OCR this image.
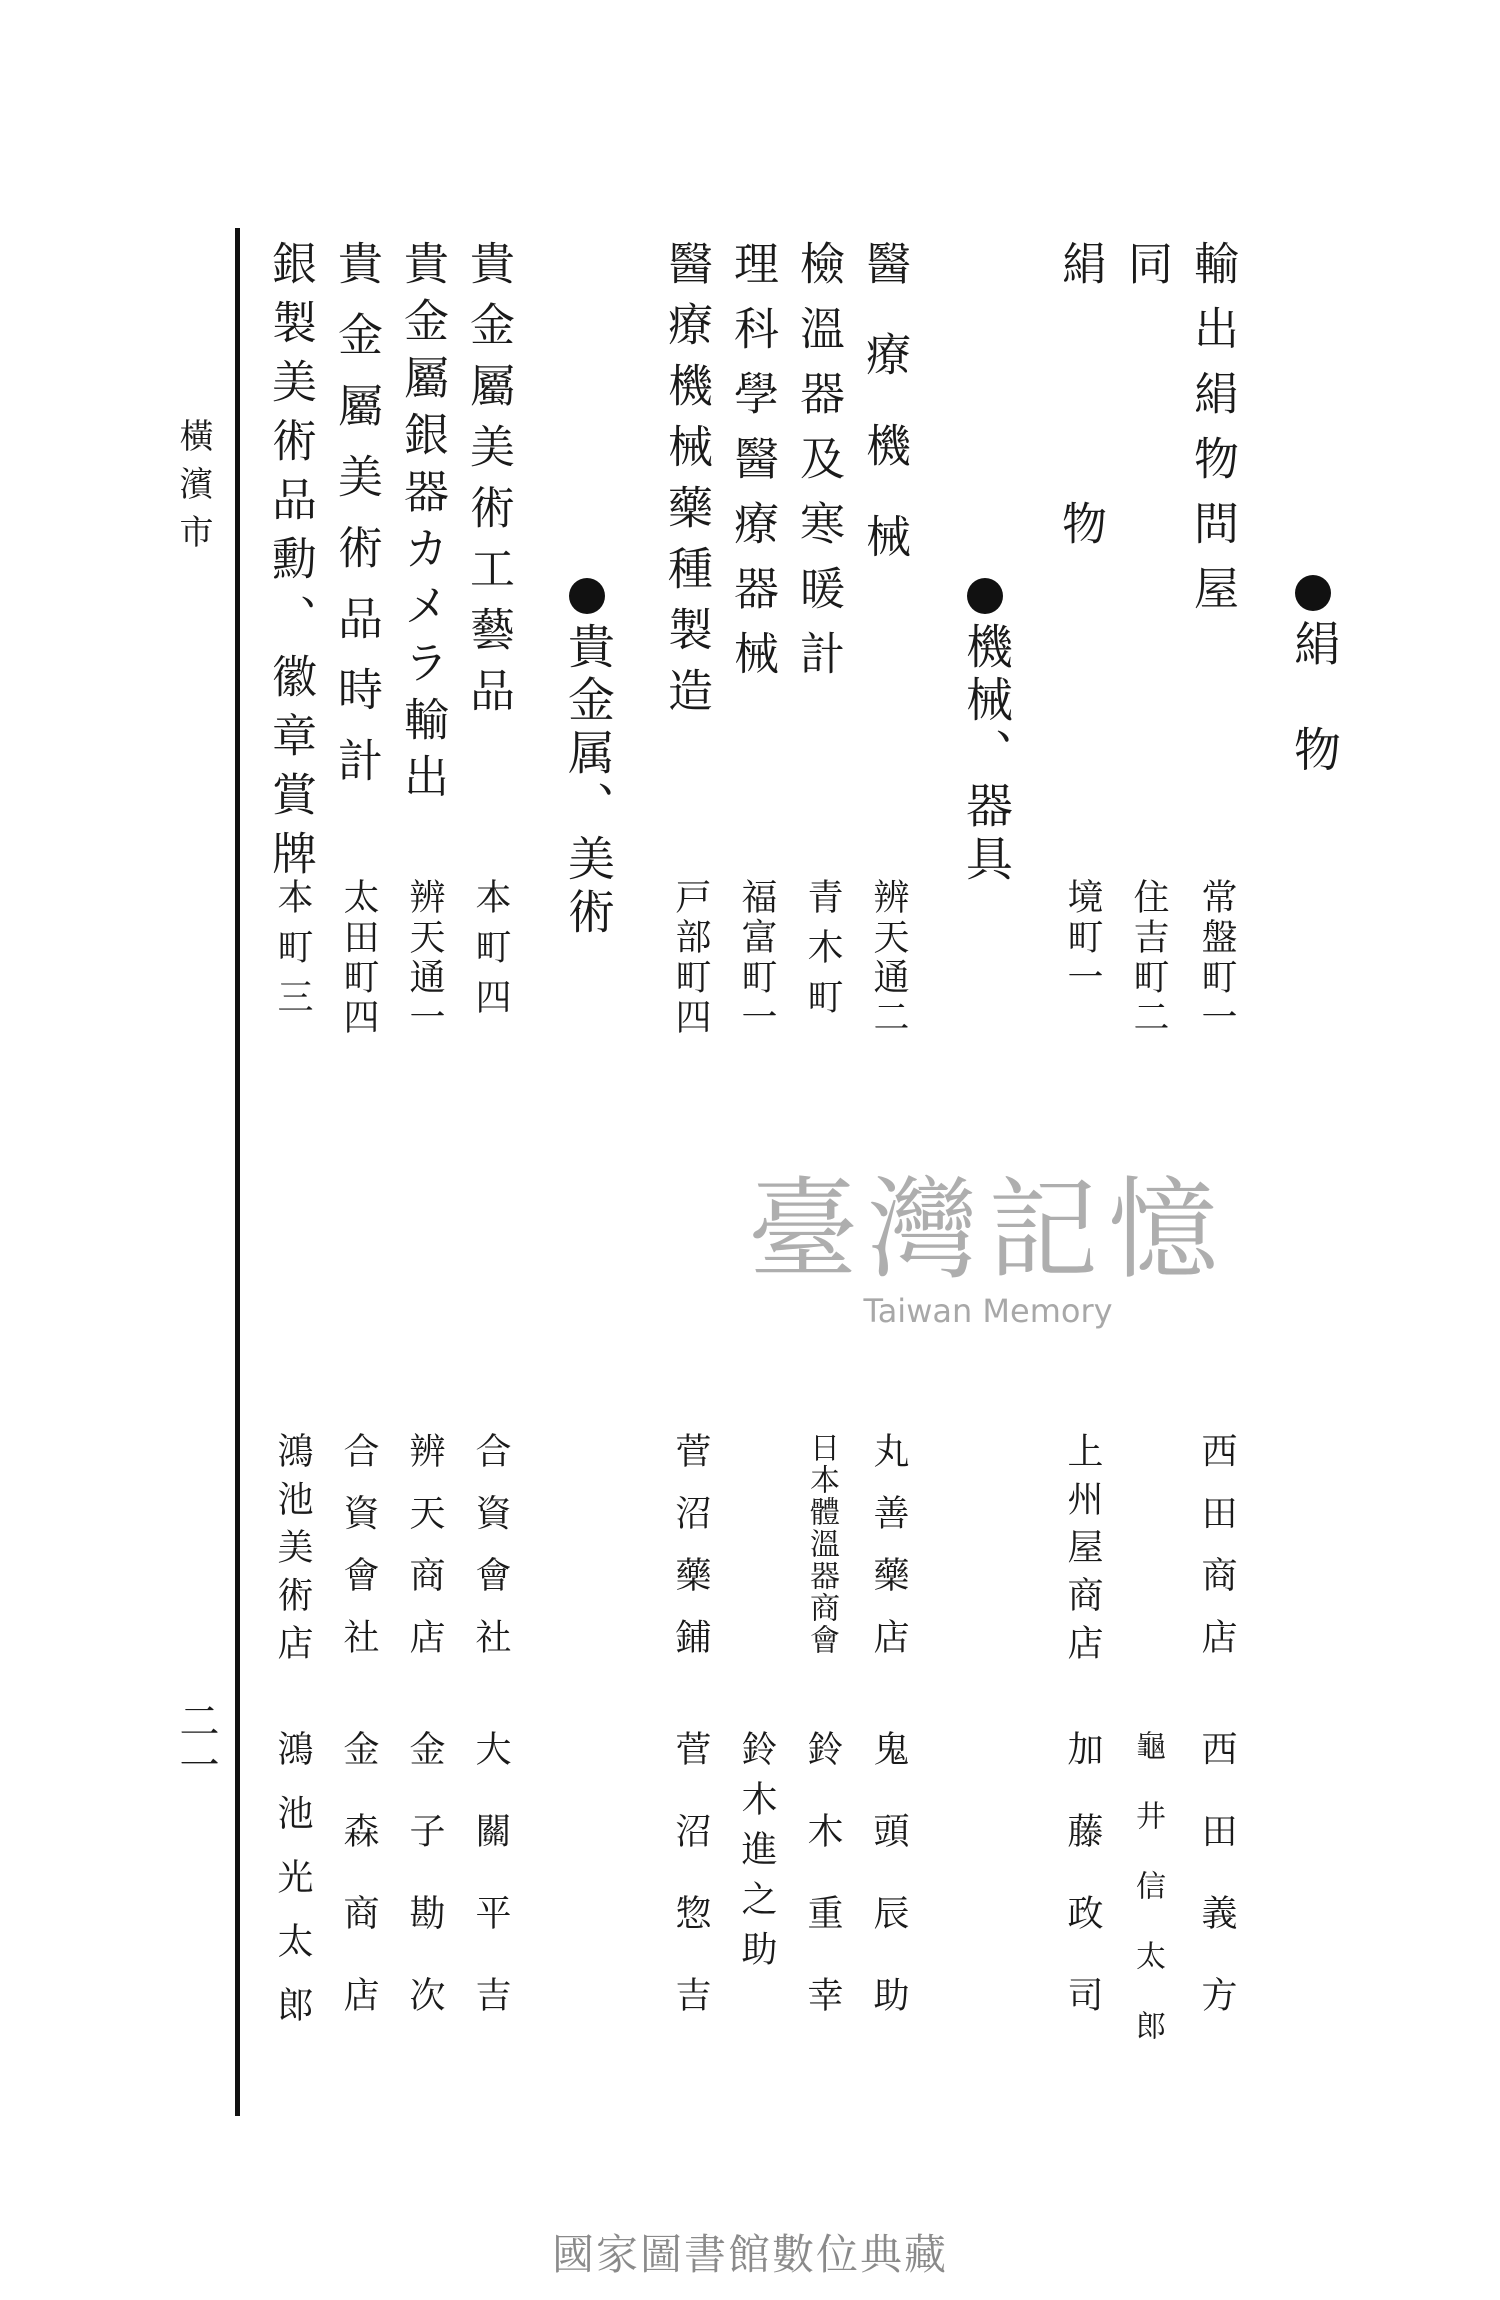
絹　物
輸出絹物問屋
常盤町一
西田商店
西田義方
同
住吉町二
龜井信太郎
絹　　　物
境町一
上州屋商店
加藤政司
機械、器具
醫療機械
辨天通二
丸善藥店
鬼頭辰助
檢溫器及寒暖計
青木町
日本體溫器商會
鈴木重幸
理科學醫療器械
福富町一
鈴木進之助
醫療機械藥種製造
戸部町四
菅沼藥鋪
菅沼惣吉
貴金属、美術
貴金屬美術工藝品
本町四
合資會社
大關平吉
貴金屬銀器カメラ輸出
辨天通一
辨天商店
金子勘次
貴金屬美術品時計
太田町四
合資會社
金森商店
銀製美術品勳、徽章賞牌
本町三
鴻池美術店
鴻池光太郎
橫濱市
二一
臺灣記憶
Taiwan Memory
國家圖書館數位典藏
